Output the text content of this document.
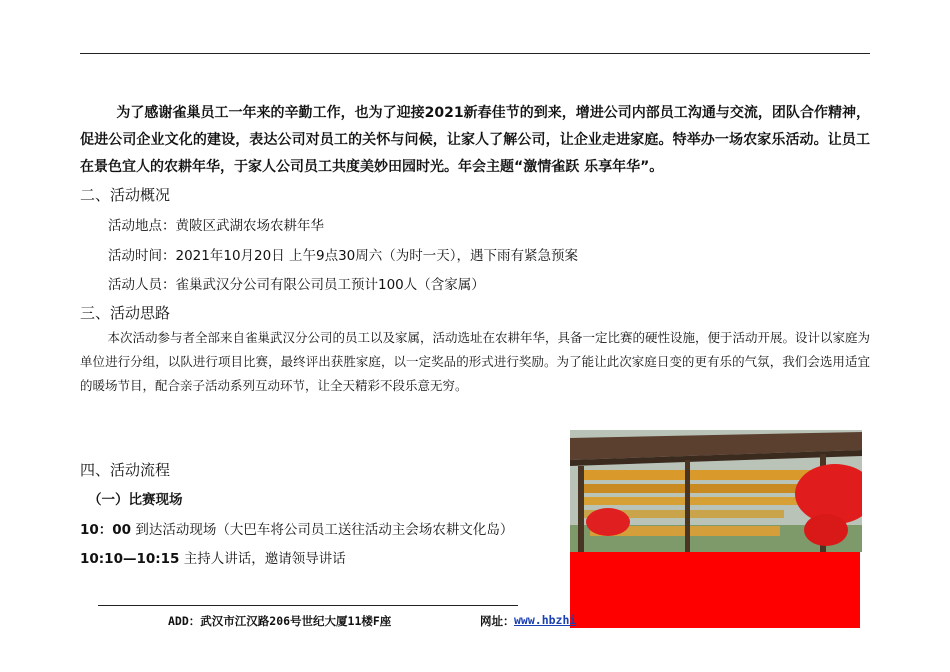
为了感谢雀巢员工一年来的辛勤工作，也为了迎接2021新春佳节的到来，增进公司内部员工沟通与交流，团队合作精神，促进公司企业文化的建设，表达公司对员工的关怀与问候，让家人了解公司，让企业走进家庭。特举办一场农家乐活动。让员工在景色宜人的农耕年华，于家人公司员工共度美妙田园时光。年会主题“激情雀跃 乐享年华”。
二、活动概况
活动地点：黄陂区武湖农场农耕年华
活动时间：2021年10月20日 上午9点30周六（为时一天），遇下雨有紧急预案
活动人员：雀巢武汉分公司有限公司员工预计100人（含家属）
三、活动思路
本次活动参与者全部来自雀巢武汉分公司的员工以及家属，活动选址在农耕年华，具备一定比赛的硬性设施，便于活动开展。设计以家庭为单位进行分组，以队进行项目比赛，最终评出获胜家庭，以一定奖品的形式进行奖励。为了能让此次家庭日变的更有乐的气氛，我们会选用适宜的暖场节目，配合亲子活动系列互动环节，让全天精彩不段乐意无穷。
四、活动流程
（一）比赛现场
10：00 到达活动现场（大巴车将公司员工送往活动主会场农耕文化岛）
10:10—10:15 主持人讲话，邀请领导讲话
ADD：武汉市江汉路206号世纪大厦11楼F座	网址： www.hbzhi
